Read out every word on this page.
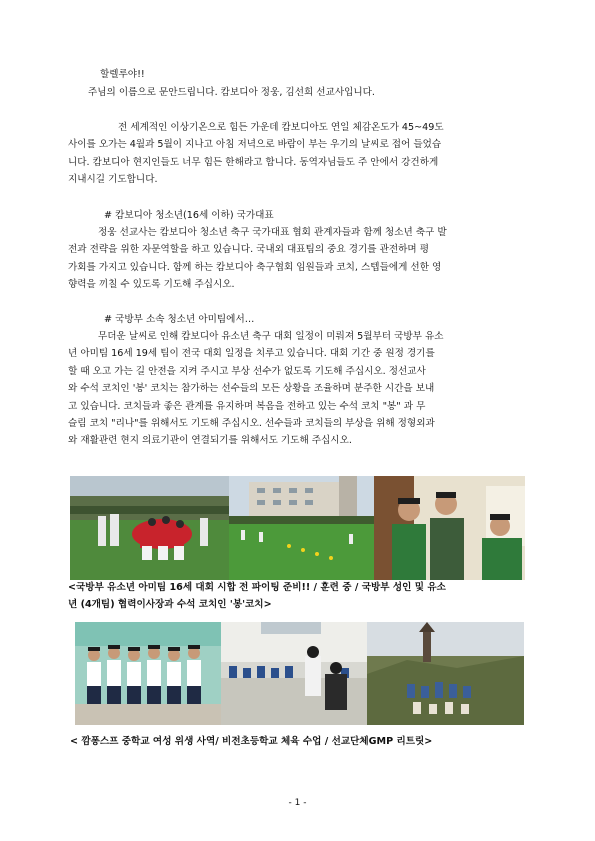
할렐루야!!
주님의 이름으로 문안드립니다. 캄보디아 정웅, 김선희 선교사입니다.
전 세계적인 이상기온으로 힘든 가운데 캄보디아도 연일 체감온도가 45~49도
사이를 오가는 4월과 5월이 지나고 아침 저녁으로 바람이 부는 우기의 날씨로 접어 들었습
니다. 캄보디아 현지인들도 너무 힘든 한해라고 합니다. 동역자님들도 주 안에서 강건하게
지내시길 기도합니다.
# 캄보디아 청소년(16세 이하) 국가대표
정웅 선교사는 캄보디아 청소년 축구 국가대표 협회 관계자들과 함께 청소년 축구 발
전과 전략을 위한 자문역할을 하고 있습니다. 국내외 대표팀의 중요 경기를 관전하며 평
가회를 가지고 있습니다. 함께 하는 캄보디아 축구협회 임원들과 코치, 스텝들에게 선한 영
향력을 끼칠 수 있도록 기도해 주십시오.
# 국방부 소속 청소년 아미팀에서…
무더운 날씨로 인해 캄보디아 유소년 축구 대회 일정이 미뤄져 5월부터 국방부 유소
년 아미팀 16세 19세 팀이 전국 대회 일정을 치루고 있습니다. 대회 기간 중 원정 경기를
할 때 오고 가는 길 안전을 지켜 주시고 부상 선수가 없도록 기도해 주십시오. 정선교사
와 수석 코치인 '봉' 코치는 참가하는 선수들의 모든 상황을 조율하며 분주한 시간을 보내
고 있습니다. 코치들과 좋은 관계를 유지하며 복음을 전하고 있는 수석 코치 "봉" 과 무
슬림 코치 "리나"를 위해서도 기도해 주십시오. 선수들과 코치들의 부상을 위해 정형외과
와 재활관련 현지 의료기관이 연결되기를 위해서도 기도해 주십시오.
<국방부 유소년 아미팀 16세 대회 시합 전 파이팅 준비!! / 훈련 중 / 국방부 성인 및 유소
년 (4개팀) 협력이사장과 수석 코치인 '봉'코치>
< 깜퐁스프 중학교 여성 위생 사역/ 비전초등학교 체육 수업 / 선교단체GMP 리트릿>
- 1 -
